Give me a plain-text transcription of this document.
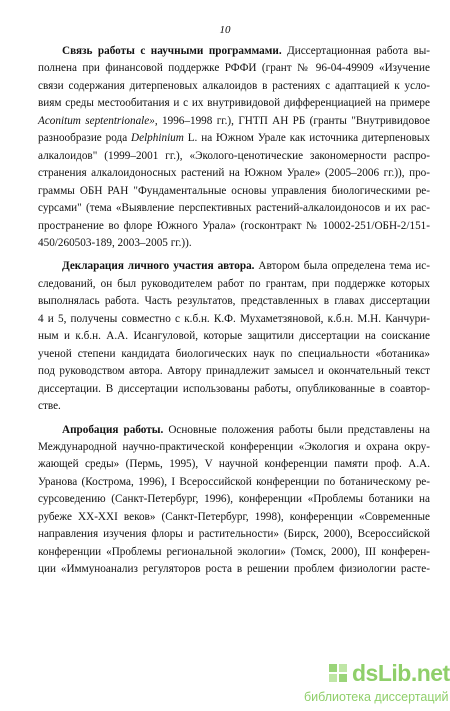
10
Связь работы с научными программами. Диссертационная работа вы-
полнена при финансовой поддержке РФФИ (грант № 96-04-49909 «Изучение
связи содержания дитерпеновых алкалоидов в растениях с адаптацией к усло-
виям среды местообитания и с их внутривидовой дифференциацией на примере
Aconitum septentrionale», 1996–1998 гг.), ГНТП АН РБ (гранты "Внутривидовое
разнообразие рода Delphinium L. на Южном Урале как источника дитерпеновых
алкалоидов" (1999–2001 гг.), «Эколого-ценотические закономерности распро-
странения алкалоидоносных растений на Южном Урале» (2005–2006 гг.)), про-
граммы ОБН РАН "Фундаментальные основы управления биологическими ре-
сурсами" (тема «Выявление перспективных растений-алкалоидоносов и их рас-
пространение во флоре Южного Урала» (госконтракт № 10002-251/ОБН-2/151-
450/260503-189, 2003–2005 гг.)).
Декларация личного участия автора. Автором была определена тема ис-
следований, он был руководителем работ по грантам, при поддержке которых
выполнялась работа. Часть результатов, представленных в главах диссертации
4 и 5, получены совместно с к.б.н. К.Ф. Мухаметзяновой, к.б.н. М.Н. Канчури-
ным и к.б.н. А.А. Исангуловой, которые защитили диссертации на соискание
ученой степени кандидата биологических наук по специальности «ботаника»
под руководством автора. Автору принадлежит замысел и окончательный текст
диссертации. В диссертации использованы работы, опубликованные в соавтор-
стве.
Апробация работы. Основные положения работы были представлены на
Международной научно-практической конференции «Экология и охрана окру-
жающей среды» (Пермь, 1995), V научной конференции памяти проф. А.А.
Уранова (Кострома, 1996), I Всероссийской конференции по ботаническому ре-
сурсоведению (Санкт-Петербург, 1996), конференции «Проблемы ботаники на
рубеже XX-XXI веков» (Санкт-Петербург, 1998), конференции «Современные
направления изучения флоры и растительности» (Бирск, 2000), Всероссийской
конференции «Проблемы региональной экологии» (Томск, 2000), III конферен-
ции «Иммуноанализ регуляторов роста в решении проблем физиологии расте-
dsLib.net
библиотека диссертаций
